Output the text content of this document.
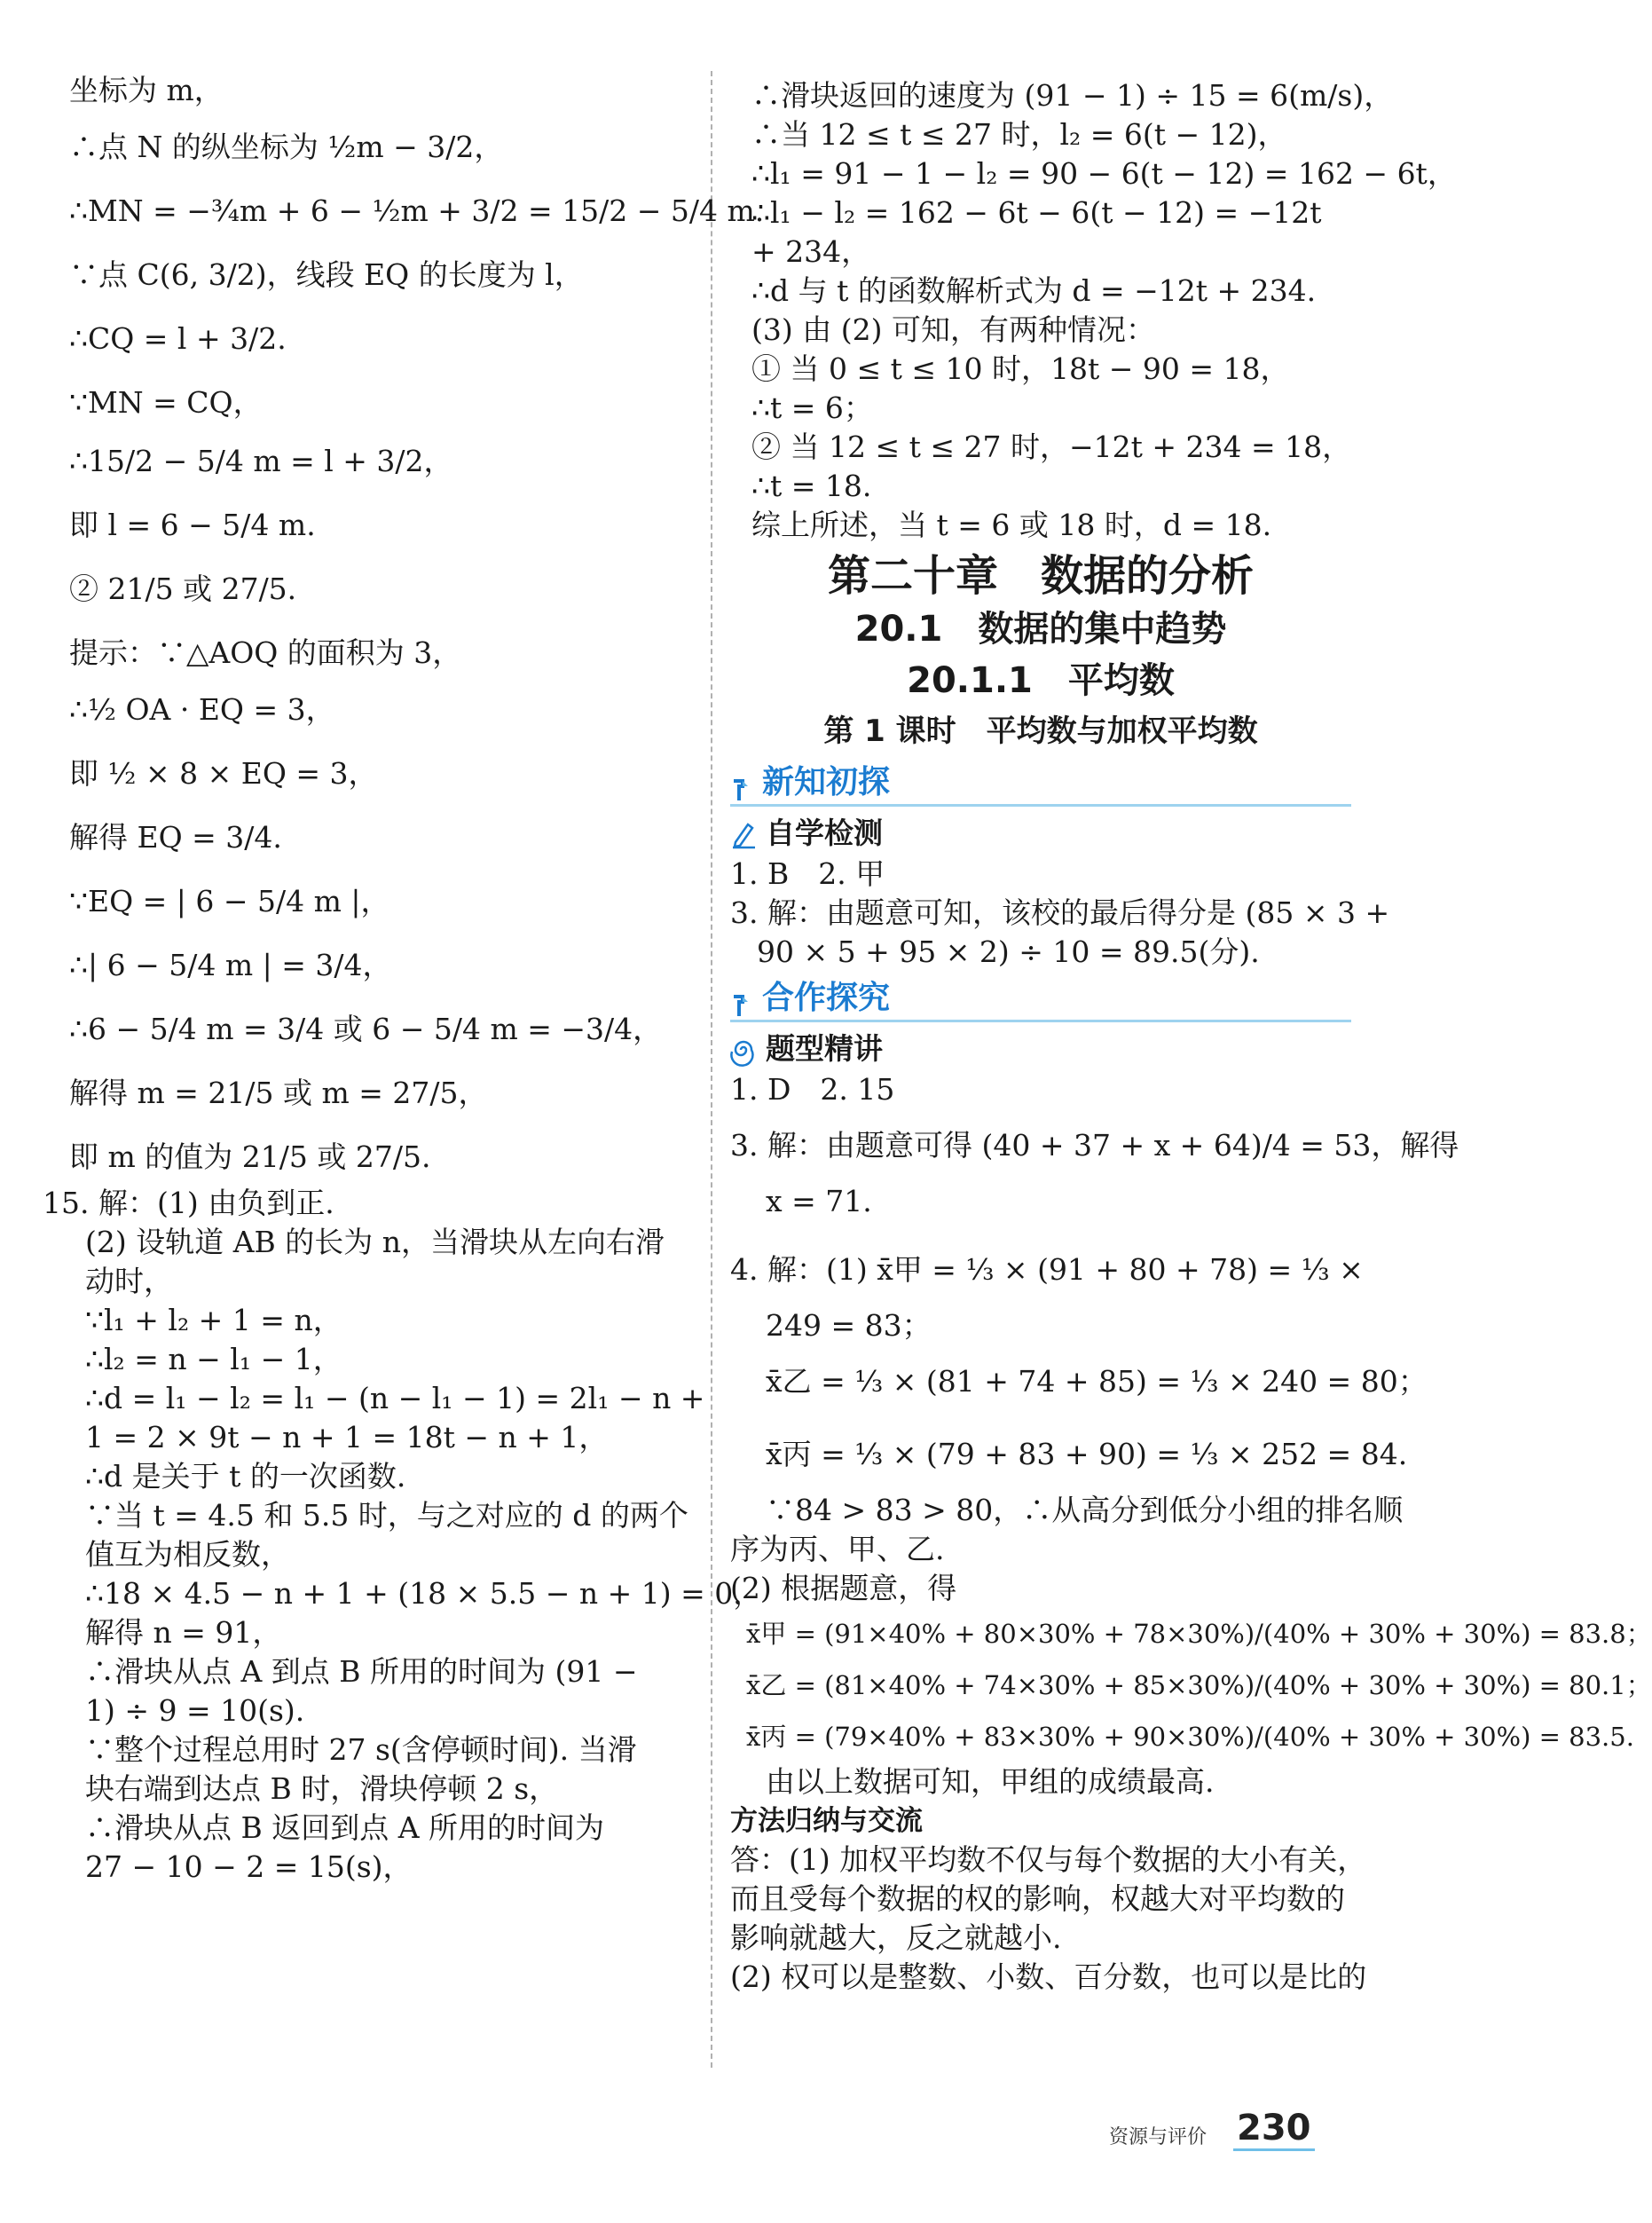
坐标为 m，

∴点 N 的纵坐标为 ½m − 3/2，

∴MN = −¾m + 6 − ½m + 3/2 = 15/2 − 5/4 m.

∵点 C(6, 3/2)，线段 EQ 的长度为 l，

∴CQ = l + 3/2.

∵MN = CQ，

∴15/2 − 5/4 m = l + 3/2，

即 l = 6 − 5/4 m.

② 21/5 或 27/5.

提示：∵△AOQ 的面积为 3，

∴½ OA · EQ = 3，

即 ½ × 8 × EQ = 3，

解得 EQ = 3/4.

∵EQ = | 6 − 5/4 m |，

∴| 6 − 5/4 m | = 3/4，

∴6 − 5/4 m = 3/4 或 6 − 5/4 m = −3/4，

解得 m = 21/5 或 m = 27/5，

即 m 的值为 21/5 或 27/5.

15. 解：(1) 由负到正.

(2) 设轨道 AB 的长为 n，当滑块从左向右滑

动时，

∵l₁ + l₂ + 1 = n，

∴l₂ = n − l₁ − 1，

∴d = l₁ − l₂ = l₁ − (n − l₁ − 1) = 2l₁ − n +

1 = 2 × 9t − n + 1 = 18t − n + 1，

∴d 是关于 t 的一次函数.

∵当 t = 4.5 和 5.5 时，与之对应的 d 的两个

值互为相反数，

∴18 × 4.5 − n + 1 + (18 × 5.5 − n + 1) = 0，

解得 n = 91，

∴滑块从点 A 到点 B 所用的时间为 (91 −

1) ÷ 9 = 10(s).

∵整个过程总用时 27 s(含停顿时间). 当滑

块右端到达点 B 时，滑块停顿 2 s，

∴滑块从点 B 返回到点 A 所用的时间为

27 − 10 − 2 = 15(s)，

∴滑块返回的速度为 (91 − 1) ÷ 15 = 6(m/s)，

∴当 12 ≤ t ≤ 27 时，l₂ = 6(t − 12)，

∴l₁ = 91 − 1 − l₂ = 90 − 6(t − 12) = 162 − 6t，

∴l₁ − l₂ = 162 − 6t − 6(t − 12) = −12t

+ 234，

∴d 与 t 的函数解析式为 d = −12t + 234.

(3) 由 (2) 可知，有两种情况：

① 当 0 ≤ t ≤ 10 时，18t − 90 = 18，

∴t = 6；

② 当 12 ≤ t ≤ 27 时，−12t + 234 = 18，

∴t = 18.

综上所述，当 t = 6 或 18 时，d = 18.

第二十章　数据的分析
20.1　数据的集中趋势
20.1.1　平均数
第 1 课时　平均数与加权平均数
新知初探
自学检测

1. B　2. 甲

3. 解：由题意可知，该校的最后得分是 (85 × 3 +

90 × 5 + 95 × 2) ÷ 10 = 89.5(分).

合作探究
题型精讲

1. D　2. 15

3. 解：由题意可得 (40 + 37 + x + 64)/4 = 53，解得

x = 71.

4. 解：(1) x̄甲 = ⅓ × (91 + 80 + 78) = ⅓ ×

249 = 83；

x̄乙 = ⅓ × (81 + 74 + 85) = ⅓ × 240 = 80；

x̄丙 = ⅓ × (79 + 83 + 90) = ⅓ × 252 = 84.

∵84 > 83 > 80，∴从高分到低分小组的排名顺

序为丙、甲、乙.

(2) 根据题意，得

x̄甲 = (91×40% + 80×30% + 78×30%)/(40% + 30% + 30%) = 83.8；

x̄乙 = (81×40% + 74×30% + 85×30%)/(40% + 30% + 30%) = 80.1；

x̄丙 = (79×40% + 83×30% + 90×30%)/(40% + 30% + 30%) = 83.5.

由以上数据可知，甲组的成绩最高.

方法归纳与交流

答：(1) 加权平均数不仅与每个数据的大小有关，

而且受每个数据的权的影响，权越大对平均数的

影响就越大，反之就越小.

(2) 权可以是整数、小数、百分数，也可以是比的

资源与评价 230
